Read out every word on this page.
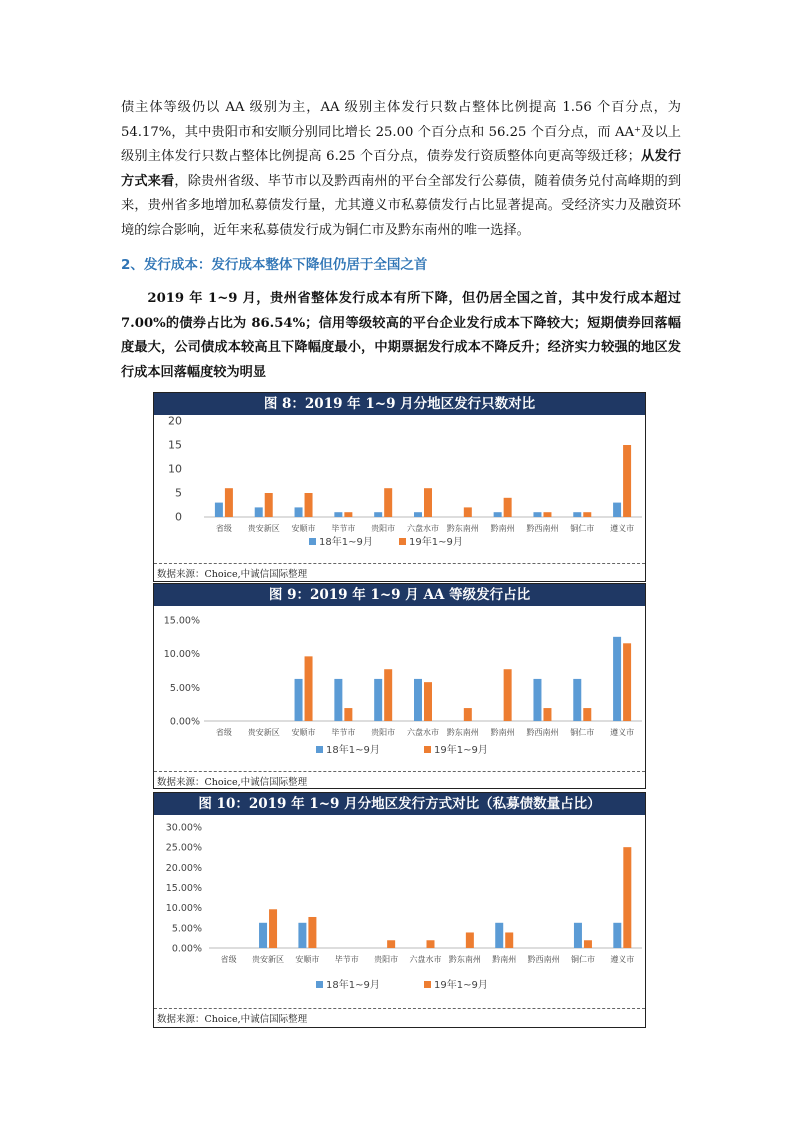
债主体等级仍以 AA 级别为主，AA 级别主体发行只数占整体比例提高 1.56 个百分点，为 54.17%，其中贵阳市和安顺分别同比增长 25.00 个百分点和 56.25 个百分点，而 AA⁺及以上级别主体发行只数占整体比例提高 6.25 个百分点，债券发行资质整体向更高等级迁移；从发行方式来看，除贵州省级、毕节市以及黔西南州的平台全部发行公募债，随着债务兑付高峰期的到来，贵州省多地增加私募债发行量，尤其遵义市私募债发行占比显著提高。受经济实力及融资环境的综合影响，近年来私募债发行成为铜仁市及黔东南州的唯一选择。

2、发行成本：发行成本整体下降但仍居于全国之首

2019 年 1~9 月，贵州省整体发行成本有所下降，但仍居全国之首，其中发行成本超过 7.00%的债券占比为 86.54%；信用等级较高的平台企业发行成本下降较大；短期债券回落幅度最大，公司债成本较高且下降幅度最小，中期票据发行成本不降反升；经济实力较强的地区发行成本回落幅度较为明显

图 8：2019 年 1~9 月分地区发行只数对比
0
5
10
15
20
省级 贵安新区 安顺市 毕节市 贵阳市 六盘水市 黔东南州 黔南州 黔西南州 铜仁市 遵义市
18年1~9月	19年1~9月
数据来源：Choice,中诚信国际整理
图 9：2019 年 1~9 月 AA 等级发行占比
0.00%
5.00%
10.00%
15.00%
省级 贵安新区 安顺市 毕节市 贵阳市 六盘水市 黔东南州 黔南州 黔西南州 铜仁市 遵义市
18年1~9月	19年1~9月
数据来源：Choice,中诚信国际整理
图 10：2019 年 1~9 月分地区发行方式对比（私募债数量占比）
0.00%
5.00%
10.00%
15.00%
20.00%
25.00%
30.00%
省级 贵安新区 安顺市 毕节市 贵阳市 六盘水市 黔东南州 黔南州 黔西南州 铜仁市 遵义市
18年1~9月	19年1~9月
数据来源：Choice,中诚信国际整理
